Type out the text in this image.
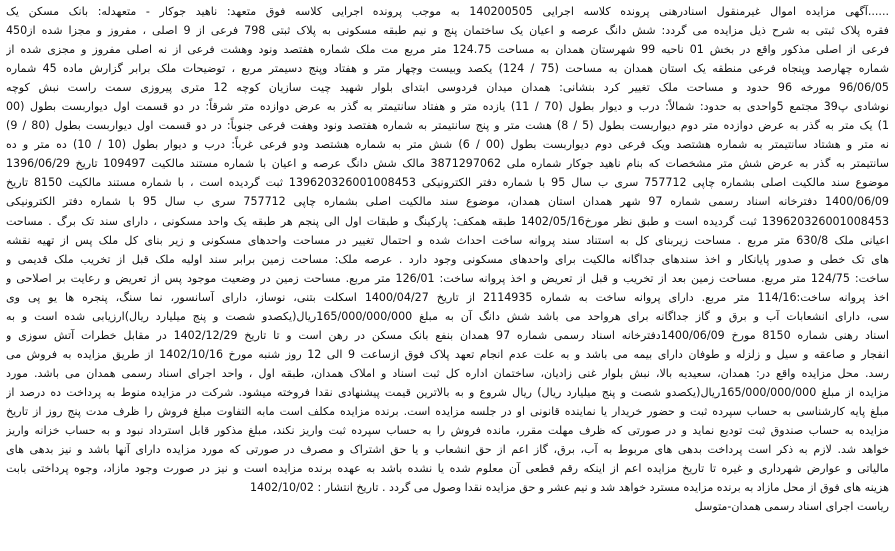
......آگهی مزایده اموال غیرمنقول اسنادرهنی پرونده کلاسه اجرایی 140200505 به موجب پرونده اجرایی کلاسه فوق متعهد: ناهید جوکار - متعهدله: بانک مسکن یک
فقره پلاک ثبتی به شرح ذیل مزایده می گردد: شش دانگ عرصه و اعیان یک ساختمان پنج و نیم طبقه مسکونی به پلاک ثبتی 798 فرعی از 9 اصلی ، مفروز و مجزا شده از450
فرعی از اصلی مذکور واقع در بخش 01 ناحیه 99 شهرستان همدان به مساحت 124.75 متر مربع مت ملک شماره هفتصد ونود وهشت فرعی از نه اصلی مفروز و مجزی شده از
شماره چهارصد وپنجاه فرعی منطقه یک استان همدان به مساحت (75 / 124) یکصد وبیست وچهار متر و هفتاد وپنج دسیمتر مربع ، توضیحات ملک برابر گزارش ماده 45 شماره
96/06/05 مورخه 96 حدود و مساحت ملک تغییر کرد بنشانی: همدان میدان فردوسی ابتدای بلوار شهید چیت سازیان کوچه 12 متری پیروزی سمت راست نبش کوچه
نوشادی پ39 مجتمع 5واحدی به حدود: شمالاً: درب و دیوار بطول (70 / 11) یازده متر و هفتاد سانتیمتر به گذر به عرض دوازده متر شرقاً: در دو قسمت اول دیواربست بطول (00
1) یک متر به گذر به عرض دوازده متر دوم دیواربست بطول (5 / 8) هشت متر و پنج سانتیمتر به شماره هفتصد ونود وهفت فرعی جنوباً: در دو قسمت اول دیواربست بطول (80 / 9)
نه متر و هشتاد سانتیمتر به شماره هشتصد ویک فرعی دوم دیواربست بطول (00 / 6) شش متر به شماره هشتصد ودو فرعی غرباً: درب و دیوار بطول (10 / 10) ده متر و ده
سانتیمتر به گذر به عرض شش متر مشخصات که بنام ناهید جوکار شماره ملی 3871297062 مالک شش دانگ عرصه و اعیان با شماره مستند مالکیت 109497 تاریخ 1396/06/29
موضوع سند مالکیت اصلی بشماره چاپی 757712 سری ب سال 95 با شماره دفتر الکترونیکی 139620326001008453 ثبت گردیده است ، با شماره مستند مالکیت 8150 تاریخ
1400/06/09 دفترخانه اسناد رسمی شماره 97 شهر همدان استان همدان، موضوع سند مالکیت اصلی بشماره چاپی 757712 سری ب سال 95 با شماره دفتر الکترونیکی
139620326001008453 ثبت گردیده است و طبق نظر مورخ1402/05/16 طبقه همکف: پارکینگ و طبقات اول الی پنجم هر طبقه یک واحد مسکونی ، دارای سند تک برگ . مساحت
اعیانی ملک 630/8 متر مربع . مساحت زیربنای کل به استناد سند پروانه ساخت احداث شده و احتمال تغییر در مساحت واحدهای مسکونی و زیر بنای کل ملک پس از تهیه نقشه
های تک خطی و صدور پایانکار و اخذ سندهای جداگانه مالکیت برای واحدهای مسکونی وجود دارد . عرصه ملک: مساحت زمین برابر سند اولیه ملک قبل از تخریب ملک قدیمی و
ساخت: 124/75 متر مربع. مساحت زمین بعد از تخریب و قبل از تعریض و اخذ پروانه ساخت: 126/01 متر مربع. مساحت زمین در وضعیت موجود پس از تعریض و رعایت بر اصلاحی و
اخذ پروانه ساخت:114/16 متر مربع. دارای پروانه ساخت به شماره 2114935 از تاریخ 1400/04/27 اسکلت بتنی، نوساز، دارای آسانسور، نما سنگ، پنجره ها یو پی وی
سی، دارای انشعابات آب و برق و گاز جداگانه برای هرواحد می باشد شش دانگ آن به مبلغ 165/000/000/000ریال(یکصدو شصت و پنج میلیارد ریال)ارزیابی شده است و به
اسناد رهنی شماره 8150 مورخ 1400/06/09دفترخانه اسناد رسمی شماره 97 همدان بنفع بانک مسکن در رهن است و تا تاریخ 1402/12/29 در مقابل خطرات آتش سوزی و
انفجار و صاعقه و سیل و زلزله و طوفان دارای بیمه می باشد و به علت عدم انجام تعهد پلاک فوق ازساعت 9 الی 12 روز شنبه مورخ 1402/10/16 از طریق مزایده به فروش می
رسد. محل مزایده واقع در: همدان، سعیدیه بالا، نبش بلوار غنی زادیان، ساختمان اداره کل ثبت اسناد و املاک همدان، طبقه اول ، واحد اجرای اسناد رسمی همدان می باشد. مورد
مزایده از مبلغ 165/000/000/000ریال(یکصدو شصت و پنج میلیارد ریال) ریال شروع و به بالاترین قیمت پیشنهادی نقدا فروخته میشود. شرکت در مزایده منوط به پرداخت ده درصد از
مبلغ پایه کارشناسی به حساب سپرده ثبت و حضور خریدار یا نماینده قانونی او در جلسه مزایده است. برنده مزایده مکلف است مابه التفاوت مبلغ فروش را ظرف مدت پنج روز از تاریخ
مزایده به حساب صندوق ثبت تودیع نماید و در صورتی که ظرف مهلت مقرر، مانده فروش را به حساب سپرده ثبت واریز نکند، مبلغ مذکور قابل استرداد نبود و به حساب خزانه واریز
خواهد شد. لازم به ذکر است پرداخت بدهی های مربوط به آب، برق، گاز اعم از حق انشعاب و یا حق اشتراک و مصرف در صورتی که مورد مزایده دارای آنها باشد و نیز بدهی های
مالیاتی و عوارض شهرداری و غیره تا تاریخ مزایده اعم از اینکه رقم قطعی آن معلوم شده یا نشده باشد به عهده برنده مزایده است و نیز در صورت وجود مازاد، وجوه پرداختی بابت
هزینه های فوق از محل مازاد به برنده مزایده مسترد خواهد شد و نیم عشر و حق مزایده نقدا وصول می گردد . تاریخ انتشار : 1402/10/02
رياست اجرای اسناد رسمی همدان-متوسل
